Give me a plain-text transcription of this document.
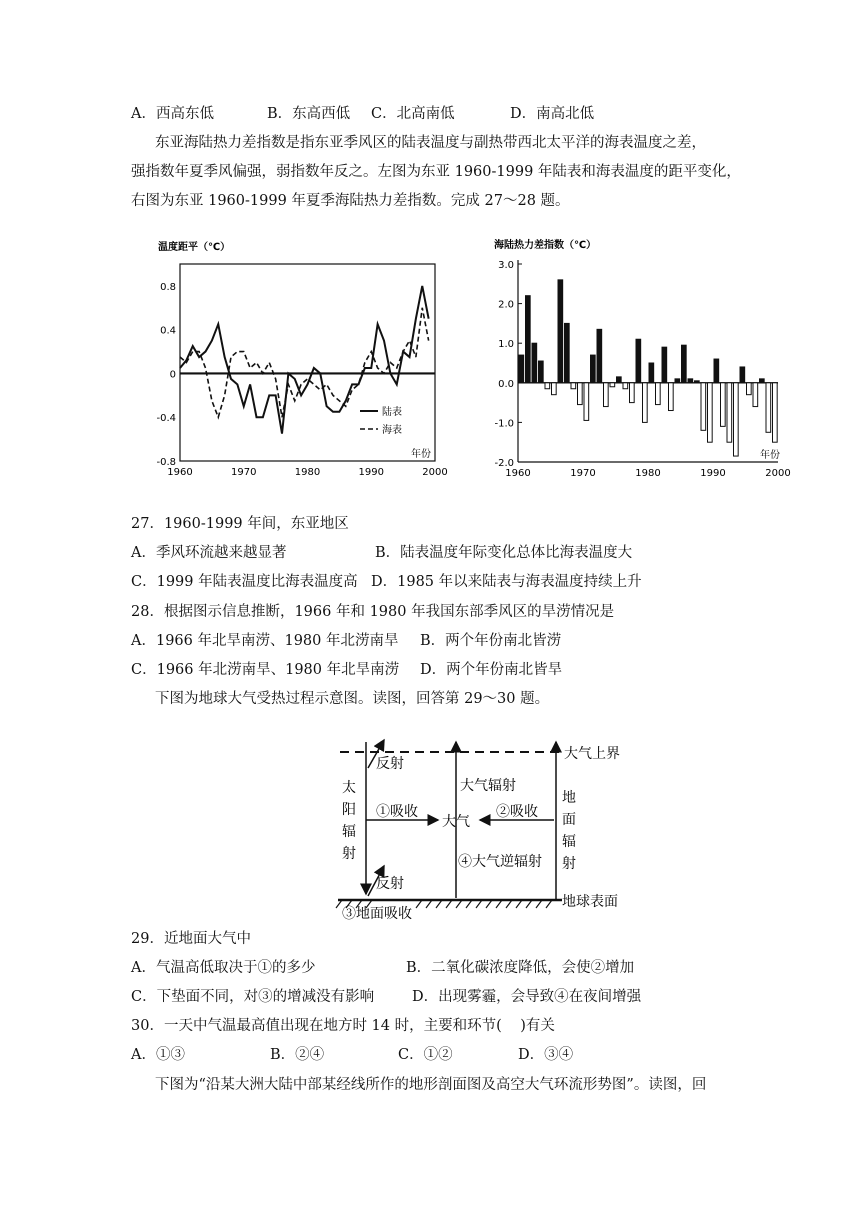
A．西高东低	B．东高西低 C．北高南低	D．南高北低
东亚海陆热力差指数是指东亚季风区的陆表温度与副热带西北太平洋的海表温度之差，
强指数年夏季风偏强，弱指数年反之。左图为东亚 1960-1999 年陆表和海表温度的距平变化，
右图为东亚 1960-1999 年夏季海陆热力差指数。完成 27～28 题。
温度距平（℃）
0.8
0.4
0
-0.4
-0.8
1960	1970	1980	1990	2000
年份
陆表
海表
海陆热力差指数（℃）
3.0
2.0
1.0
0.0
-1.0
-2.0
1960	1970	1980	1990	2000
年份
27．1960-1999 年间，东亚地区
A．季风环流越来越显著	B．陆表温度年际变化总体比海表温度大
C．1999 年陆表温度比海表温度高 D．1985 年以来陆表与海表温度持续上升
28．根据图示信息推断，1966 年和 1980 年我国东部季风区的旱涝情况是
A．1966 年北旱南涝、1980 年北涝南旱 B．两个年份南北皆涝
C．1966 年北涝南旱、1980 年北旱南涝 D．两个年份南北皆旱
下图为地球大气受热过程示意图。读图，回答第 29～30 题。
大气上界
地球表面
太
阳
辐
射
反射
反射
大气辐射
地
面
辐
射
①吸收	②吸收
大气
④大气逆辐射
③地面吸收
29．近地面大气中
A．气温高低取决于①的多少	B．二氧化碳浓度降低，会使②增加
C．下垫面不同，对③的增减没有影响	D．出现雾霾，会导致④在夜间增强
30．一天中气温最高值出现在地方时 14 时，主要和环节(    )有关
A．①③	B．②④	C．①②	D．③④
下图为“沿某大洲大陆中部某经线所作的地形剖面图及高空大气环流形势图”。读图，回
